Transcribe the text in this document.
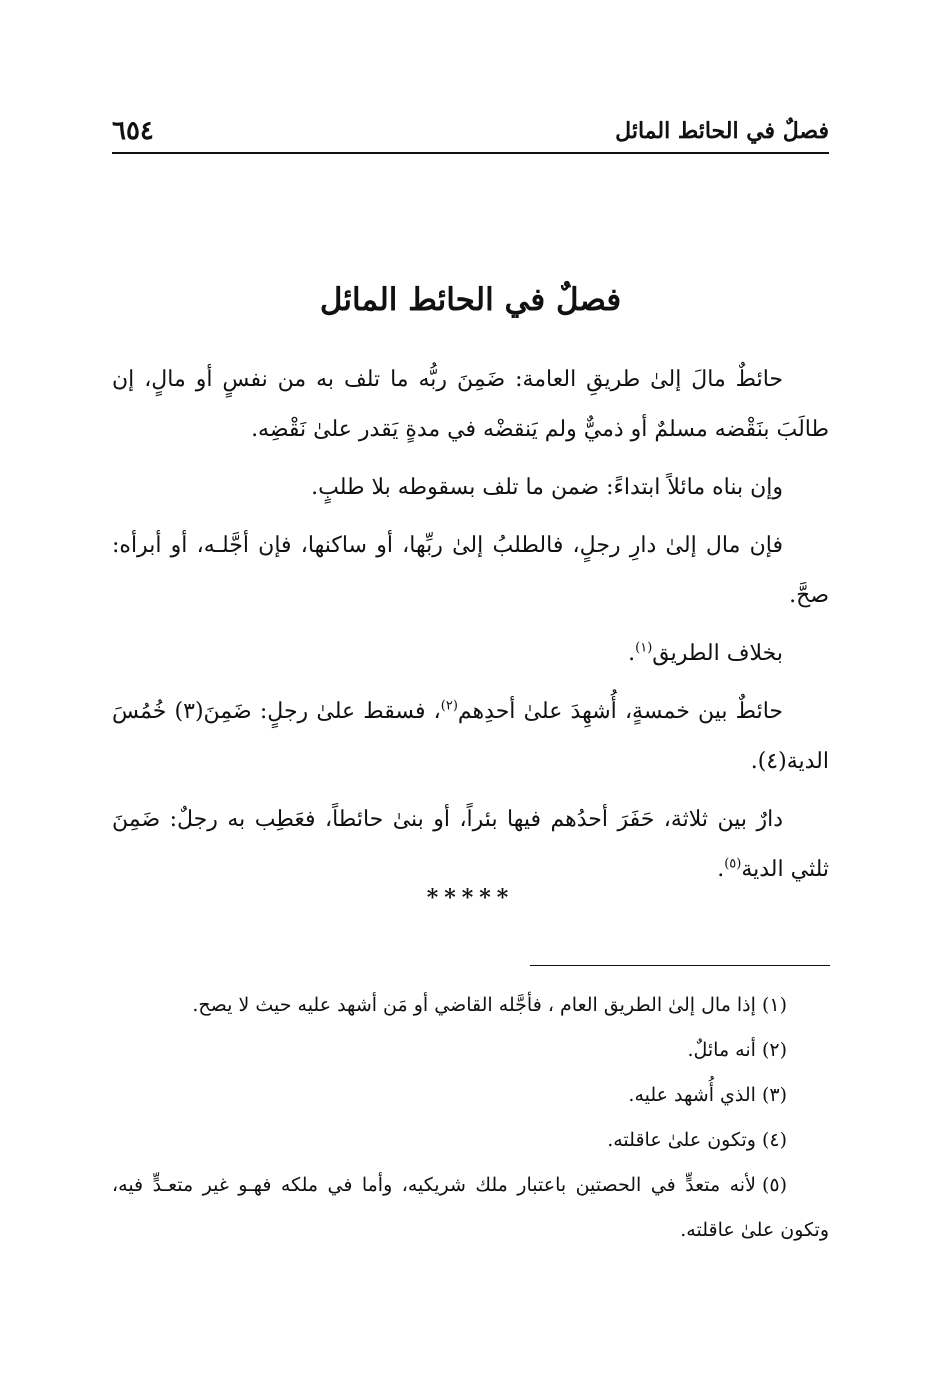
فصلٌ في الحائط المائل
٦٥٤
فصلٌ في الحائط المائل

حائطٌ مالَ إلىٰ طريقِ العامة: ضَمِنَ ربُّه ما تلف به من نفسٍ أو مالٍ، إن طالَبَ بنَقْضه مسلمٌ أو ذميٌّ ولم يَنقضْه في مدةٍ يَقدر علىٰ نَقْضِه.

وإن بناه مائلاً ابتداءً: ضمن ما تلف بسقوطه بلا طلبٍ.

فإن مال إلىٰ دارِ رجلٍ، فالطلبُ إلىٰ ربِّها، أو ساكنها، فإن أجَّلـه، أو أبرأه: صحَّ.

بخلاف الطريق$^{(١)}$.

حائطٌ بين خمسةٍ، أُشهِدَ علىٰ أحدِهم$^{(٢)}$، فسقط علىٰ رجلٍ: ضَمِنَ(٣) خُمُسَ الدية(٤).

دارٌ بين ثلاثة، حَفَرَ أحدُهم فيها بئراً، أو بنىٰ حائطاً، فعَطِب به رجلٌ: ضَمِنَ ثلثي الدية$^{(٥)}$.

*****

(١)إذا مال إلىٰ الطريق العام ، فأجَّله القاضي أو مَن أشهد عليه حيث لا يصح.

(٢)أنه مائلٌ.

(٣)الذي أُشهد عليه.

(٤)وتكون علىٰ عاقلته.

(٥)لأنه متعدٍّ في الحصتين باعتبار ملك شريكيه، وأما في ملكه فهـو غير متعـدٍّ فيه، وتكون علىٰ عاقلته.
